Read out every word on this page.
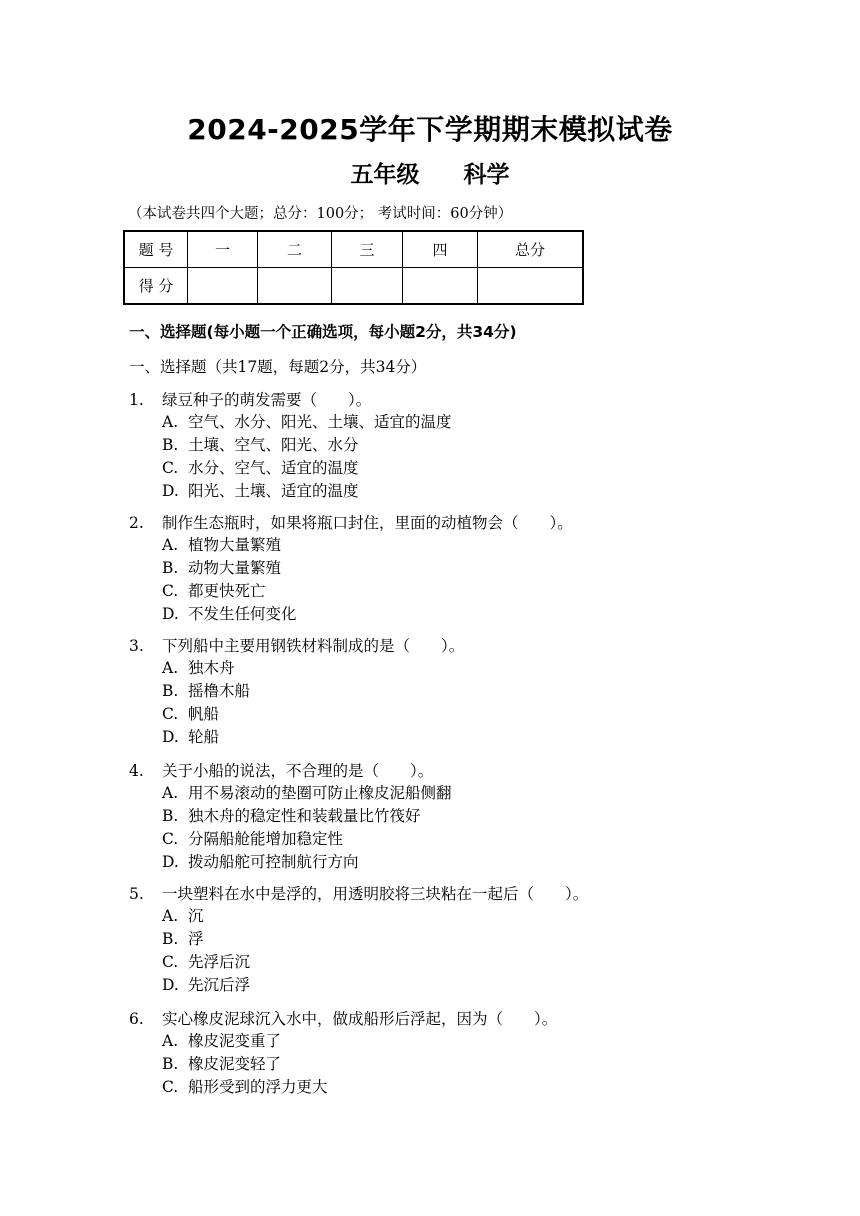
2024-2025学年下学期期末模拟试卷
五年级 科学
（本试卷共四个大题；总分：100分； 考试时间：60分钟）
题 号	一	二	三	四	总分
得 分					
一、选择题(每小题一个正确选项，每小题2分，共34分)
一、选择题（共17题，每题2分，共34分）
1.	绿豆种子的萌发需要（　　）。
A. 空气、水分、阳光、土壤、适宜的温度
B. 土壤、空气、阳光、水分
C. 水分、空气、适宜的温度
D. 阳光、土壤、适宜的温度
2.	制作生态瓶时，如果将瓶口封住，里面的动植物会（　　）。
A. 植物大量繁殖
B. 动物大量繁殖
C. 都更快死亡
D. 不发生任何变化
3.	下列船中主要用钢铁材料制成的是（　　）。
A. 独木舟
B. 摇橹木船
C. 帆船
D. 轮船
4.	关于小船的说法，不合理的是（　　）。
A. 用不易滚动的垫圈可防止橡皮泥船侧翻
B. 独木舟的稳定性和装载量比竹筏好
C. 分隔船舱能增加稳定性
D. 拨动船舵可控制航行方向
5.	一块塑料在水中是浮的，用透明胶将三块粘在一起后（　　）。
A. 沉
B. 浮
C. 先浮后沉
D. 先沉后浮
6.	实心橡皮泥球沉入水中，做成船形后浮起，因为（　　）。
A. 橡皮泥变重了
B. 橡皮泥变轻了
C. 船形受到的浮力更大
